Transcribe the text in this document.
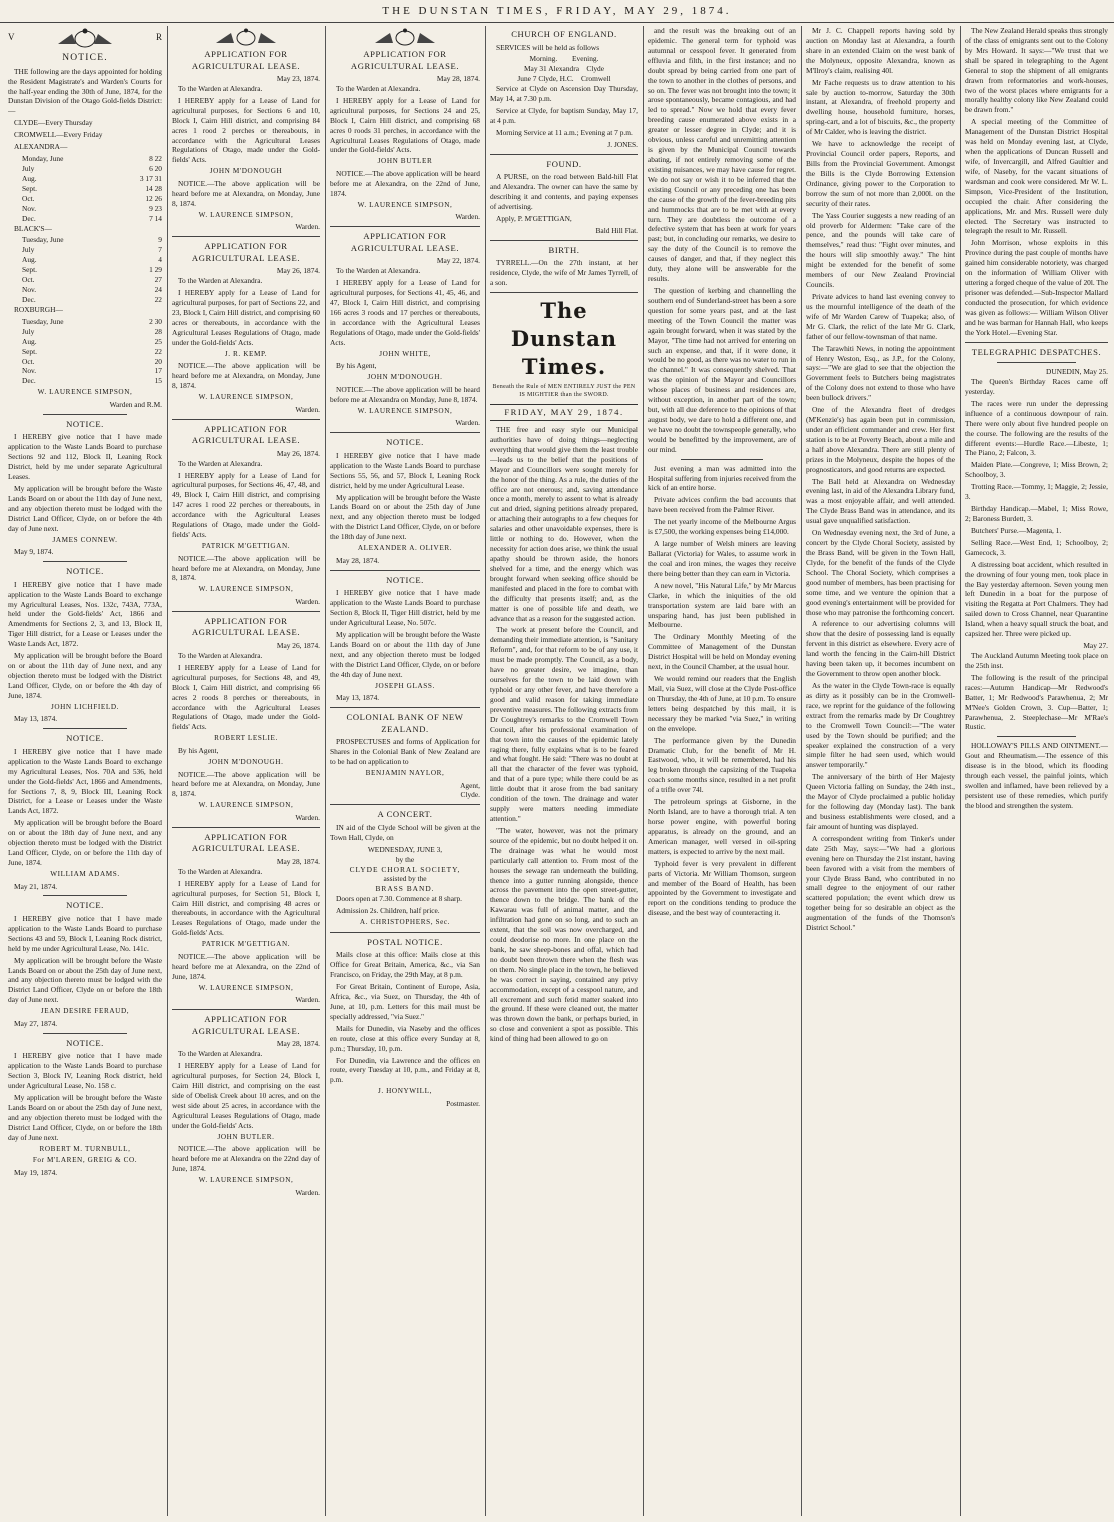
THE DUNSTAN TIMES, FRIDAY, MAY 29, 1874.
V	R
NOTICE.

THE following are the days appointed for holding the Resident Magistrate's and Warden's Courts for the half-year ending the 30th of June, 1874, for the Dunstan Division of the Otago Gold-fields District:—

CLYDE—Every Thursday

CROMWELL—Every Friday

ALEXANDRA—

Monday, June	8 22
July	6 20
Aug.	3 17 31
Sept.	14 28
Oct.	12 26
Nov.	9 23
Dec.	7 14

BLACK'S—

Tuesday, June	9
July	7
Aug.	4
Sept.	1 29
Oct.	27
Nov.	24
Dec.	22

ROXBURGH—

Tuesday, June	2 30
July	28
Aug.	25
Sept.	22
Oct.	20
Nov.	17
Dec.	15
W. LAURENCE SIMPSON,
Warden and R.M.
NOTICE.

I HEREBY give notice that I have made application to the Waste Lands Board to purchase Sections 92 and 112, Block II, Leaning Rock District, held by me under separate Agricultural Leases.

My application will be brought before the Waste Lands Board on or about the 11th day of June next, and any objection thereto must be lodged with the District Land Officer, Clyde, on or before the 4th day of June next.

JAMES CONNEW.

May 9, 1874.

NOTICE.

I HEREBY give notice that I have made application to the Waste Lands Board to exchange my Agricultural Leases, Nos. 132c, 743A, 773A, held under the Gold-fields' Act, 1866 and Amendments for Sections 2, 3, and 13, Block II, Tiger Hill district, for a Lease or Leases under the Waste Lands Act, 1872.

My application will be brought before the Board on or about the 11th day of June next, and any objection thereto must be lodged with the District Land Officer, Clyde, on or before the 4th day of June, 1874.

JOHN LICHFIELD.

May 13, 1874.

NOTICE.

I HEREBY give notice that I have made application to the Waste Lands Board to exchange my Agricultural Leases, Nos. 70A and 536, held under the Gold-fields' Act, 1866 and Amendments, for Sections 7, 8, 9, Block III, Leaning Rock District, for a Lease or Leases under the Waste Lands Act, 1872.

My application will be brought before the Board on or about the 18th day of June next, and any objection thereto must be lodged with the District Land Officer, Clyde, on or before the 11th day of June, 1874.

WILLIAM ADAMS.

May 21, 1874.

NOTICE.

I HEREBY give notice that I have made application to the Waste Lands Board to purchase Sections 43 and 59, Block I, Leaning Rock district, held by me under Agricultural Lease, No. 141c.

My application will be brought before the Waste Lands Board on or about the 25th day of June next, and any objection thereto must be lodged with the District Land Officer, Clyde on or before the 18th day of June next.

JEAN DESIRE FERAUD,

May 27, 1874.

NOTICE.

I HEREBY give notice that I have made application to the Waste Lands Board to purchase Section 3, Block IV, Leaning Rock district, held under Agricultural Lease, No. 158 c.

My application will be brought before the Waste Lands Board on or about the 25th day of June next, and any objection thereto must be lodged with the District Land Officer, Clyde, on or before the 18th day of June next.

ROBERT M. TURNBULL,
For M'LAREN, GREIG & CO.

May 19, 1874.

APPLICATION FOR AGRICULTURAL LEASE.
May 23, 1874.

To the Warden at Alexandra.

I HEREBY apply for a Lease of Land for agricultural purposes, for Sections 6 and 10, Block I, Cairn Hill district, and comprising 84 acres 1 rood 2 perches or thereabouts, in accordance with the Agricultural Leases Regulations of Otago, made under the Gold-fields' Acts.

JOHN M'DONOUGH

NOTICE.—The above application will be heard before me at Alexandra, on Monday, June 8, 1874.

W. LAURENCE SIMPSON,
Warden.
APPLICATION FOR AGRICULTURAL LEASE.
May 26, 1874.

To the Warden at Alexandra.

I HEREBY apply for a Lease of Land for agricultural purposes, for part of Sections 22, and 23, Block I, Cairn Hill district, and comprising 60 acres or thereabouts, in accordance with the Agricultural Leases Regulations of Otago, made under the Gold-fields' Acts.

J. R. KEMP.

NOTICE.—The above application will be heard before me at Alexandra, on Monday, June 8, 1874.

W. LAURENCE SIMPSON,
Warden.
APPLICATION FOR AGRICULTURAL LEASE.
May 26, 1874.

To the Warden at Alexandra.

I HEREBY apply for a Lease of Land for agricultural purposes, for Sections 46, 47, 48, and 49, Block I, Cairn Hill district, and comprising 147 acres 1 rood 22 perches or thereabouts, in accordance with the Agricultural Leases Regulations of Otago, made under the Gold-fields' Acts.

PATRICK M'GETTIGAN.

NOTICE.—The above application will be heard before me at Alexandra, on Monday, June 8, 1874.

W. LAURENCE SIMPSON,
Warden.
APPLICATION FOR AGRICULTURAL LEASE.
May 26, 1874.

To the Warden at Alexandra.

I HEREBY apply for a Lease of Land for agricultural purposes, for Sections 48, and 49, Block I, Cairn Hill district, and comprising 66 acres 2 roods 8 perches or thereabouts, in accordance with the Agricultural Leases Regulations of Otago, made under the Gold-fields' Acts.

ROBERT LESLIE.

By his Agent,

JOHN M'DONOUGH.

NOTICE.—The above application will be heard before me at Alexandra, on Monday, June 8, 1874.

W. LAURENCE SIMPSON,
Warden.
APPLICATION FOR AGRICULTURAL LEASE.
May 28, 1874.

To the Warden at Alexandra.

I HEREBY apply for a Lease of Land for agricultural purposes, for Section 51, Block I, Cairn Hill district, and comprising 48 acres or thereabouts, in accordance with the Agricultural Leases Regulations of Otago, made under the Gold-fields' Acts.

PATRICK M'GETTIGAN.

NOTICE.—The above application will be heard before me at Alexandra, on the 22nd of June, 1874.

W. LAURENCE SIMPSON,
Warden.
APPLICATION FOR AGRICULTURAL LEASE.
May 28, 1874.

To the Warden at Alexandra.

I HEREBY apply for a Lease of Land for agricultural purposes, for Section 24, Block I, Cairn Hill district, and comprising on the east side of Obelisk Creek about 10 acres, and on the west side about 25 acres, in accordance with the Agricultural Leases Regulations of Otago, made under the Gold-fields' Acts.

JOHN BUTLER.

NOTICE.—The above application will be heard before me at Alexandra on the 22nd day of June, 1874.

W. LAURENCE SIMPSON,
Warden.
APPLICATION FOR AGRICULTURAL LEASE.
May 28, 1874.

To the Warden at Alexandra.

I HEREBY apply for a Lease of Land for agricultural purposes, for Sections 24 and 25, Block I, Cairn Hill district, and comprising 68 acres 0 roods 31 perches, in accordance with the Agricultural Leases Regulations of Otago, made under the Gold-fields' Acts.

JOHN BUTLER

NOTICE.—The above application will be heard before me at Alexandra, on the 22nd of June, 1874.

W. LAURENCE SIMPSON,
Warden.
APPLICATION FOR AGRICULTURAL LEASE.
May 22, 1874.

To the Warden at Alexandra.

I HEREBY apply for a Lease of Land for agricultural purposes, for Sections 41, 45, 46, and 47, Block I, Cairn Hill district, and comprising 166 acres 3 roods and 17 perches or thereabouts, in accordance with the Agricultural Leases Regulations of Otago, made under the Gold-fields' Acts.

JOHN WHITE,

By his Agent,

JOHN M'DONOUGH.

NOTICE.—The above application will be heard before me at Alexandra on Monday, June 8, 1874.

W. LAURENCE SIMPSON,
Warden.
NOTICE.

I HEREBY give notice that I have made application to the Waste Lands Board to purchase Sections 55, 56, and 57, Block I, Leaning Rock district, held by me under Agricultural Lease.

My application will be brought before the Waste Lands Board on or about the 25th day of June next, and any objection thereto must be lodged with the District Land Officer, Clyde, on or before the 18th day of June next.

ALEXANDER A. OLIVER.

May 28, 1874.

NOTICE.

I HEREBY give notice that I have made application to the Waste Lands Board to purchase Section 8, Block II, Tiger Hill district, held by me under Agricultural Lease, No. 507c.

My application will be brought before the Waste Lands Board on or about the 11th day of June next, and any objection thereto must be lodged with the District Land Officer, Clyde, on or before the 4th day of June next.

JOSEPH GLASS.

May 13, 1874.

COLONIAL BANK OF NEW ZEALAND.

PROSPECTUSES and forms of Application for Shares in the Colonial Bank of New Zealand are to be had on application to

BENJAMIN NAYLOR,
Agent,
Clyde.
A CONCERT.

IN aid of the Clyde School will be given at the Town Hall, Clyde, on

WEDNESDAY, JUNE 3,
by the
CLYDE CHORAL SOCIETY,
assisted by the
BRASS BAND.

Doors open at 7.30. Commence at 8 sharp.

Admission 2s. Children, half price.

A. CHRISTOPHERS, Sec.
POSTAL NOTICE.

Mails close at this office: Mails close at this Office for Great Britain, America, &c., via San Francisco, on Friday, the 29th May, at 8 p.m.

For Great Britain, Continent of Europe, Asia, Africa, &c., via Suez, on Thursday, the 4th of June, at 10, p.m. Letters for this mail must be specially addressed, "via Suez."

Mails for Dunedin, via Naseby and the offices en route, close at this office every Sunday at 8, p.m.; Thursday, 10, p.m.

For Dunedin, via Lawrence and the offices en route, every Tuesday at 10, p.m., and Friday at 8, p.m.

J. HONYWILL,
Postmaster.
CHURCH OF ENGLAND.

SERVICES will be held as follows

Morning.        Evening.
May 31 Alexandra    Clyde
June 7 Clyde, H.C.    Cromwell

Service at Clyde on Ascension Day Thursday, May 14, at 7.30 p.m.

Service at Clyde, for baptism Sunday, May 17, at 4 p.m.

Morning Service at 11 a.m.; Evening at 7 p.m.

J. JONES.
FOUND.

A PURSE, on the road between Bald-hill Flat and Alexandra. The owner can have the same by describing it and contents, and paying expenses of advertising.

Apply, P. M'GETTIGAN,

Bald Hill Flat.
BIRTH.

TYRRELL.—On the 27th instant, at her residence, Clyde, the wife of Mr James Tyrrell, of a son.

The Dunstan Times.
Beneath the Rule of MEN ENTIRELY JUST the PEN IS MIGHTIER than the SWORD.
FRIDAY, MAY 29, 1874.

THE free and easy style our Municipal authorities have of doing things—neglecting everything that would give them the least trouble—leads us to the belief that the positions of Mayor and Councillors were sought merely for the honor of the thing. As a rule, the duties of the office are not onerous; and, saving attendance once a month, merely to assent to what is already cut and dried, signing petitions already prepared, or attaching their autographs to a few cheques for salaries and other unavoidable expenses, there is little or nothing to do. However, when the necessity for action does arise, we think the usual apathy should be thrown aside, the honors shelved for a time, and the energy which was brought forward when seeking office should be manifested and placed in the fore to combat with the difficulty that presents itself; and, as the matter is one of possible life and death, we advance that as a reason for the suggested action.

The work at present before the Council, and demanding their immediate attention, is "Sanitary Reform", and, for that reform to be of any use, it must be made promptly. The Council, as a body, have no greater desire, we imagine, than ourselves for the town to be laid down with typhoid or any other fever, and have therefore a good and valid reason for taking immediate preventive measures. The following extracts from Dr Coughtrey's remarks to the Cromwell Town Council, after his professional examination of that town into the causes of the epidemic lately raging there, fully explains what is to be feared and what fought. He said: "There was no doubt at all that the character of the fever was typhoid, and that of a pure type; while there could be as little doubt that it arose from the bad sanitary condition of the town. The drainage and water supply were matters needing immediate attention."

"The water, however, was not the primary source of the epidemic, but no doubt helped it on. The drainage was what he would most particularly call attention to. From most of the houses the sewage ran underneath the building, thence into a gutter running alongside, thence across the pavement into the open street-gutter, thence down to the bridge. The bank of the Kawarau was full of animal matter, and the infiltration had gone on so long, and to such an extent, that the soil was now overcharged, and could deodorise no more. In one place on the bank, he saw sheep-bones and offal, which had no doubt been thrown there when the flesh was on them. No single place in the town, he believed he was correct in saying, contained any privy accommodation, except of a cesspool nature, and all excrement and such fetid matter soaked into the ground. If these were cleaned out, the matter was thrown down the bank, or perhaps buried, in so close and convenient a spot as possible. This kind of thing had been allowed to go on

and the result was the breaking out of an epidemic. The general term for typhoid was autumnal or cesspool fever. It generated from effluvia and filth, in the first instance; and no doubt spread by being carried from one part of the town to another in the clothes of persons, and so on. The fever was not brought into the town; it arose spontaneously, became contagious, and had led to spread." Now we hold that every fever breeding cause enumerated above exists in a greater or lesser degree in Clyde; and it is obvious, unless careful and unremitting attention is given by the Municipal Council towards abating, if not entirely removing some of the existing nuisances, we may have cause for regret. We do not say or wish it to be inferred that the existing Council or any preceding one has been the cause of the growth of the fever-breeding pits and hummocks that are to be met with at every turn. They are doubtless the outcome of a defective system that has been at work for years past; but, in concluding our remarks, we desire to say the duty of the Council is to remove the causes of danger, and that, if they neglect this duty, they alone will be answerable for the results.

The question of kerbing and channelling the southern end of Sunderland-street has been a sore question for some years past, and at the last meeting of the Town Council the matter was again brought forward, when it was stated by the Mayor, "The time had not arrived for entering on such an expense, and that, if it were done, it would be no good, as there was no water to run in the channel." It was consequently shelved. That was the opinion of the Mayor and Councillors whose places of business and residences are, without exception, in another part of the town; but, with all due deference to the opinions of that august body, we dare to hold a different one, and we have no doubt the townspeople generally, who would be benefitted by the improvement, are of our mind.

Just evening a man was admitted into the Hospital suffering from injuries received from the kick of an entire horse.

Private advices confirm the bad accounts that have been received from the Palmer River.

The net yearly income of the Melbourne Argus is £7,500, the working expenses being £14,000.

A large number of Welsh miners are leaving Ballarat (Victoria) for Wales, to assume work in the coal and iron mines, the wages they receive there being better than they can earn in Victoria.

A new novel, "His Natural Life," by Mr Marcus Clarke, in which the iniquities of the old transportation system are laid bare with an unsparing hand, has just been published in Melbourne.

The Ordinary Monthly Meeting of the Committee of Management of the Dunstan District Hospital will be held on Monday evening next, in the Council Chamber, at the usual hour.

We would remind our readers that the English Mail, via Suez, will close at the Clyde Post-office on Thursday, the 4th of June, at 10 p.m. To ensure letters being despatched by this mail, it is necessary they be marked "via Suez," in writing on the envelope.

The performance given by the Dunedin Dramatic Club, for the benefit of Mr H. Eastwood, who, it will be remembered, had his leg broken through the capsizing of the Tuapeka coach some months since, resulted in a net profit of a trifle over 74l.

The petroleum springs at Gisborne, in the North Island, are to have a thorough trial. A ten horse power engine, with powerful boring apparatus, is already on the ground, and an American manager, well versed in oil-spring matters, is expected to arrive by the next mail.

Typhoid fever is very prevalent in different parts of Victoria. Mr William Thomson, surgeon and member of the Board of Health, has been appointed by the Government to investigate and report on the conditions tending to produce the disease, and the best way of counteracting it.

Mr J. C. Chappell reports having sold by auction on Monday last at Alexandra, a fourth share in an extended Claim on the west bank of the Molyneux, opposite Alexandra, known as M'Ilroy's claim, realising 40l.

Mr Fache requests us to draw attention to his sale by auction to-morrow, Saturday the 30th instant, at Alexandra, of freehold property and dwelling house, household furniture, horses, spring-cart, and a lot of biscuits, &c., the property of Mr Calder, who is leaving the district.

We have to acknowledge the receipt of Provincial Council order papers, Reports, and Bills from the Provincial Government. Amongst the Bills is the Clyde Borrowing Extension Ordinance, giving power to the Corporation to borrow the sum of not more than 2,000l. on the security of their rates.

The Yass Courier suggests a new reading of an old proverb for Aldermen: "Take care of the pence, and the pounds will take care of themselves," read thus: "Fight over minutes, and the hours will slip smoothly away." The hint might be extended for the benefit of some members of our New Zealand Provincial Councils.

Private advices to hand last evening convey to us the mournful intelligence of the death of the wife of Mr Warden Carew of Tuapeka; also, of Mr G. Clark, the relict of the late Mr G. Clark, father of our fellow-townsman of that name.

The Tarawhiti News, in noting the appointment of Henry Weston, Esq., as J.P., for the Colony, says:—"We are glad to see that the objection the Government feels to Butchers being magistrates of the Colony does not extend to those who have been bullock drivers."

One of the Alexandra fleet of dredges (M'Kenzie's) has again been put in commission, under an efficient commander and crew. Her first station is to be at Poverty Beach, about a mile and a half above Alexandra. There are still plenty of prizes in the Molyneux, despite the hopes of the prognosticators, and good returns are expected.

The Ball held at Alexandra on Wednesday evening last, in aid of the Alexandra Library fund, was a most enjoyable affair, and well attended. The Clyde Brass Band was in attendance, and its usual gave unqualified satisfaction.

On Wednesday evening next, the 3rd of June, a concert by the Clyde Choral Society, assisted by the Brass Band, will be given in the Town Hall, Clyde, for the benefit of the funds of the Clyde School. The Choral Society, which comprises a good number of members, has been practising for some time, and we venture the opinion that a good evening's entertainment will be provided for those who may patronise the forthcoming concert.

A reference to our advertising columns will show that the desire of possessing land is equally fervent in this district as elsewhere. Every acre of land worth the fencing in the Cairn-hill District having been taken up, it becomes incumbent on the Government to throw open another block.

As the water in the Clyde Town-race is equally as dirty as it possibly can be in the Cromwell-race, we reprint for the guidance of the following extract from the remarks made by Dr Coughtrey to the Cromwell Town Council:—"The water used by the Town should be purified; and the speaker explained the construction of a very simple filter he had seen used, which would answer temporarily."

The anniversary of the birth of Her Majesty Queen Victoria falling on Sunday, the 24th inst., the Mayor of Clyde proclaimed a public holiday for the following day (Monday last). The bank and business establishments were closed, and a fair amount of hunting was displayed.

A correspondent writing from Tinker's under date 25th May, says:—"We had a glorious evening here on Thursday the 21st instant, having been favored with a visit from the members of your Clyde Brass Band, who contributed in no small degree to the enjoyment of our rather scattered population; the event which drew us together being for so desirable an object as the augmentation of the funds of the Thomson's District School."

The New Zealand Herald speaks thus strongly of the class of emigrants sent out to the Colony by Mrs Howard. It says:—"We trust that we shall be spared in telegraphing to the Agent General to stop the shipment of all emigrants drawn from reformatories and work-houses, two of the worst places where emigrants for a morally healthy colony like New Zealand could be drawn from."

A special meeting of the Committee of Management of the Dunstan District Hospital was held on Monday evening last, at Clyde, when the applications of Duncan Russell and wife, of Invercargill, and Alfred Gaultier and wife, of Naseby, for the vacant situations of wardsman and cook were considered. Mr W. L. Simpson, Vice-President of the Institution, occupied the chair. After considering the applications, Mr. and Mrs. Russell were duly elected. The Secretary was instructed to telegraph the result to Mr. Russell.

John Morrison, whose exploits in this Province during the past couple of months have gained him considerable notoriety, was charged on the information of William Oliver with uttering a forged cheque of the value of 20l. The prisoner was defended.—Sub-Inspector Mallard conducted the prosecution, for which evidence was given as follows:— William Wilson Oliver and he was barman for Hannah Hall, who keeps the York Hotel.—Evening Star.

TELEGRAPHIC DESPATCHES.
DUNEDIN, May 25.

The Queen's Birthday Races came off yesterday.

The races were run under the depressing influence of a continuous downpour of rain. There were only about five hundred people on the course. The following are the results of the different events:—Hurdle Race.—Libeste, 1; The Piano, 2; Falcon, 3.

Maiden Plate.—Congreve, 1; Miss Brown, 2; Schoolboy, 3.

Trotting Race.—Tommy, 1; Maggie, 2; Jessie, 3.

Birthday Handicap.—Mabel, 1; Miss Rowe, 2; Baroness Burdett, 3.

Butchers' Purse.—Magenta, 1.

Selling Race.—West End, 1; Schoolboy, 2; Gamecock, 3.

A distressing boat accident, which resulted in the drowning of four young men, took place in the Bay yesterday afternoon. Seven young men left Dunedin in a boat for the purpose of visiting the Regatta at Port Chalmers. They had sailed down to Cross Channel, near Quarantine Island, when a heavy squall struck the boat, and capsized her. Three were picked up.

May 27.

The Auckland Autumn Meeting took place on the 25th inst.

The following is the result of the principal races:—Autumn Handicap—Mr Redwood's Batter, 1; Mr Redwood's Parawhenua, 2; Mr M'Nee's Golden Crown, 3. Cup—Batter, 1; Parawhenua, 2. Steeplechase—Mr M'Rae's Rustic.

HOLLOWAY'S PILLS AND OINTMENT.—Gout and Rheumatism.—The essence of this disease is in the blood, which its flooding through each vessel, the painful joints, which swollen and inflamed, have been relieved by a persistent use of these remedies, which purify the blood and strengthen the system.
